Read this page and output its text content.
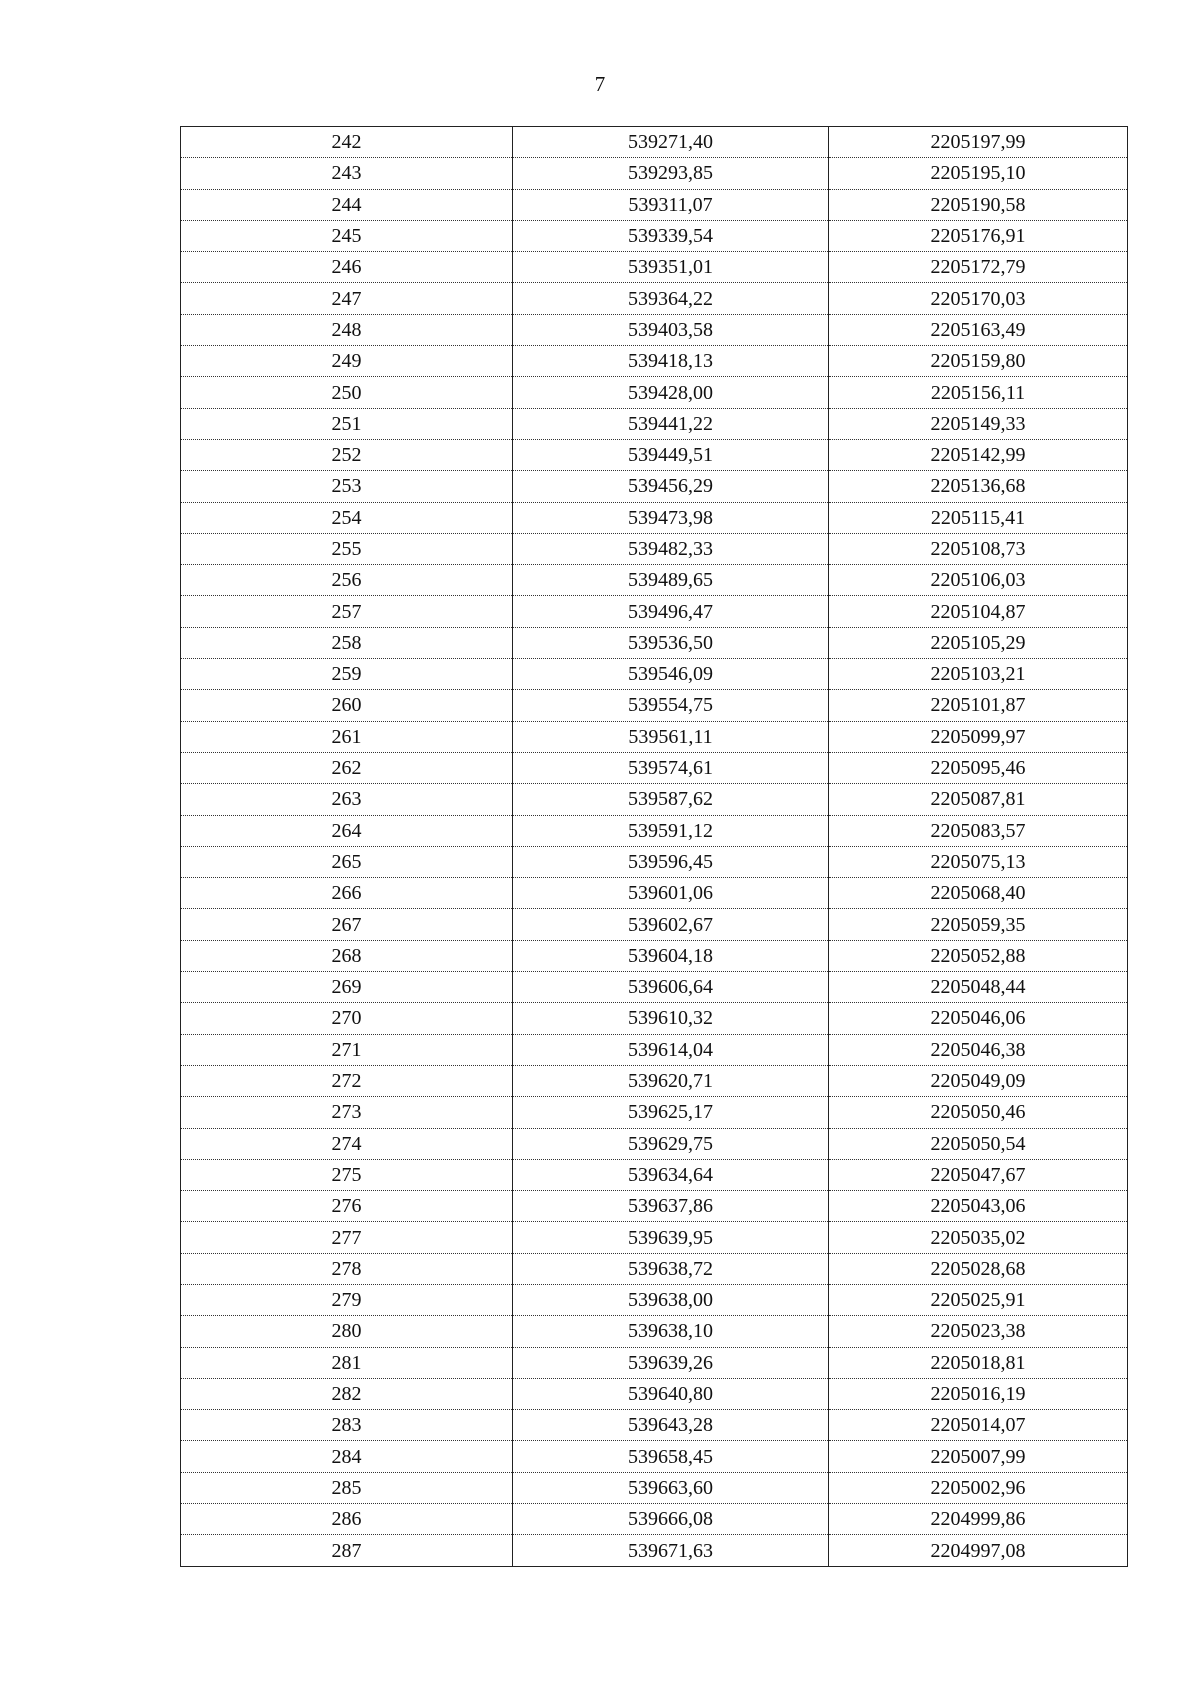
7
242	539271,40	2205197,99
243	539293,85	2205195,10
244	539311,07	2205190,58
245	539339,54	2205176,91
246	539351,01	2205172,79
247	539364,22	2205170,03
248	539403,58	2205163,49
249	539418,13	2205159,80
250	539428,00	2205156,11
251	539441,22	2205149,33
252	539449,51	2205142,99
253	539456,29	2205136,68
254	539473,98	2205115,41
255	539482,33	2205108,73
256	539489,65	2205106,03
257	539496,47	2205104,87
258	539536,50	2205105,29
259	539546,09	2205103,21
260	539554,75	2205101,87
261	539561,11	2205099,97
262	539574,61	2205095,46
263	539587,62	2205087,81
264	539591,12	2205083,57
265	539596,45	2205075,13
266	539601,06	2205068,40
267	539602,67	2205059,35
268	539604,18	2205052,88
269	539606,64	2205048,44
270	539610,32	2205046,06
271	539614,04	2205046,38
272	539620,71	2205049,09
273	539625,17	2205050,46
274	539629,75	2205050,54
275	539634,64	2205047,67
276	539637,86	2205043,06
277	539639,95	2205035,02
278	539638,72	2205028,68
279	539638,00	2205025,91
280	539638,10	2205023,38
281	539639,26	2205018,81
282	539640,80	2205016,19
283	539643,28	2205014,07
284	539658,45	2205007,99
285	539663,60	2205002,96
286	539666,08	2204999,86
287	539671,63	2204997,08
